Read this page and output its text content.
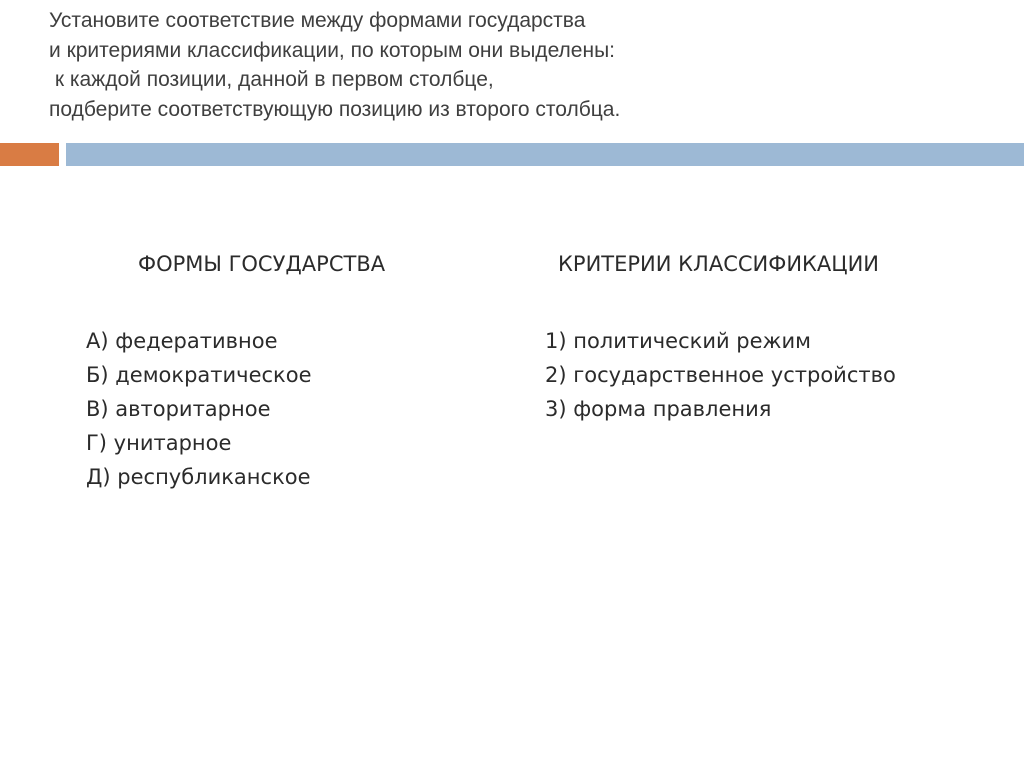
Установите соответствие между формами государства
и критериями классификации, по которым они выделены:
к каждой позиции, данной в первом столбце,
подберите соответствующую позицию из второго столбца.
ФОРМЫ ГОСУДАРСТВА	КРИТЕРИИ КЛАССИФИКАЦИИ
А) федеративное
Б) демократическое
В) авторитарное
Г) унитарное
Д) республиканское
1) политический режим
2) государственное устройство
3) форма правления
